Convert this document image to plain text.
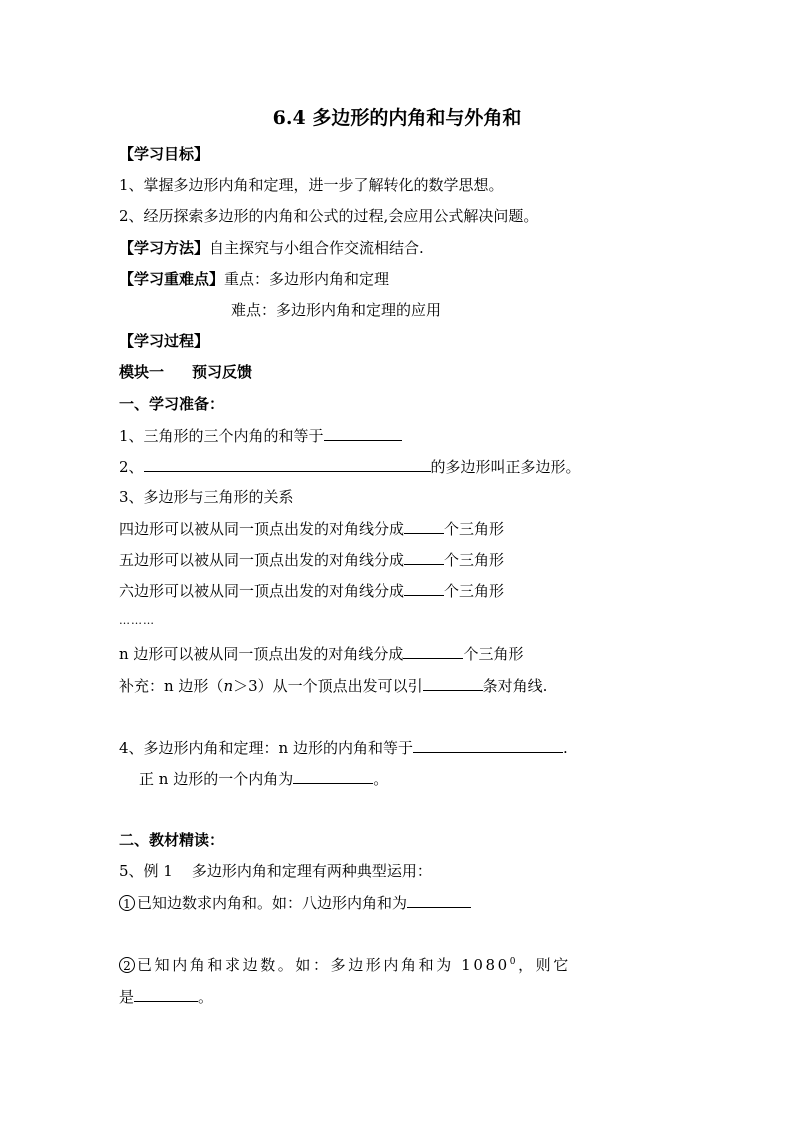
6.4 多边形的内角和与外角和
【学习目标】
1、掌握多边形内角和定理，进一步了解转化的数学思想。
2、经历探索多边形的内角和公式的过程,会应用公式解决问题。
【学习方法】自主探究与小组合作交流相结合.
【学习重难点】重点：多边形内角和定理
难点：多边形内角和定理的应用
【学习过程】
模块一 预习反馈
一、学习准备：
1、三角形的三个内角的和等于
2、	的多边形叫正多边形。
3、多边形与三角形的关系
四边形可以被从同一顶点出发的对角线分成	个三角形
五边形可以被从同一顶点出发的对角线分成	个三角形
六边形可以被从同一顶点出发的对角线分成	个三角形
………
n 边形可以被从同一顶点出发的对角线分成	个三角形
补充：n 边形（n＞3）从一个顶点出发可以引	条对角线.
4、多边形内角和定理：n 边形的内角和等于	.
正 n 边形的一个内角为	。
二、教材精读：
5、例 1    多边形内角和定理有两种典型运用：
1 已知边数求内角和。如：八边形内角和为
2 已知内角和求边数。如：多边形内角和为 1080$^0$，则它
是	。
